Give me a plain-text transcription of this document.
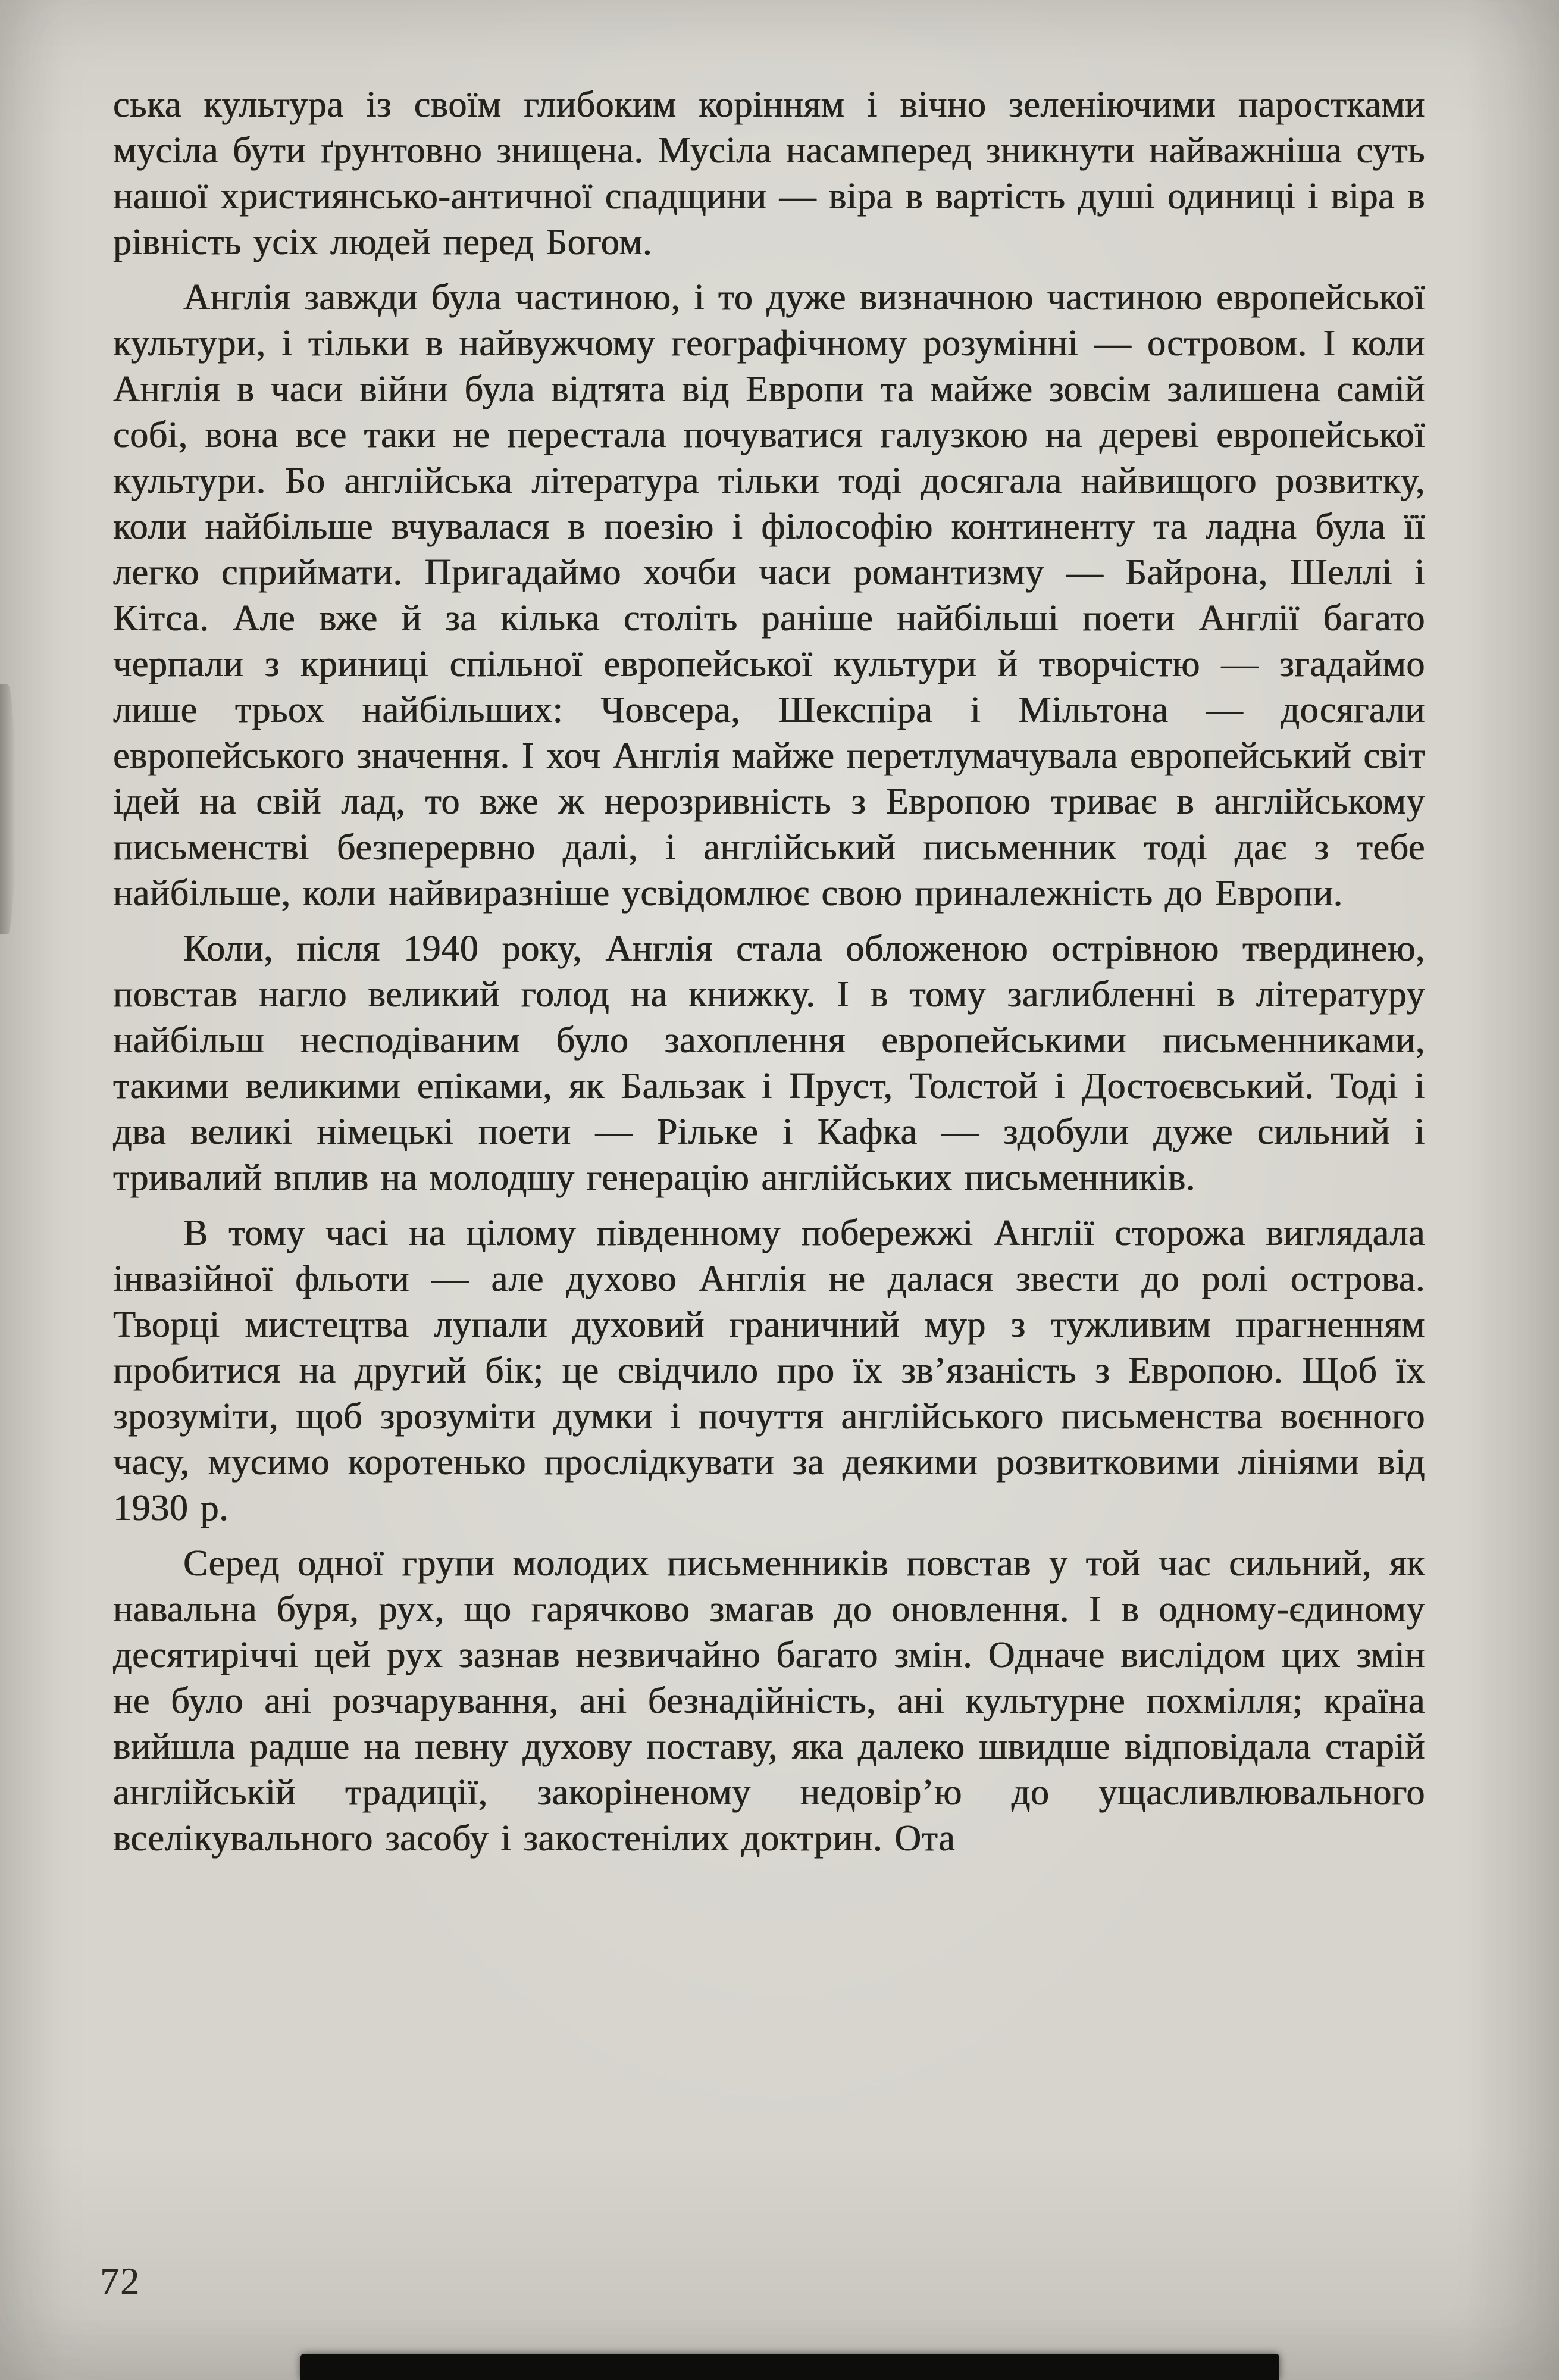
ська культура із своїм глибоким корінням і вічно зеленіючими паростками мусіла бути ґрунтовно знищена. Мусіла насамперед зникнути найважніша суть нашої християнсько-античної спадщини — віра в вартість душі одиниці і віра в рівність усіх людей перед Богом.

Англія завжди була частиною, і то дуже визначною частиною европейської культури, і тільки в найвужчому географічному розумінні — островом. І коли Англія в часи війни була відтята від Европи та майже зовсім залишена самій собі, вона все таки не перестала почуватися галузкою на дереві европейської культури. Бо англійська література тільки тоді досягала найвищого розвитку, коли найбільше вчувалася в поезію і філософію континенту та ладна була її легко сприймати. Пригадаймо хочби часи романтизму — Байрона, Шеллі і Кітса. Але вже й за кілька століть раніше найбільші поети Англії багато черпали з криниці спільної европейської культури й творчістю — згадаймо лише трьох найбільших: Човсера, Шекспіра і Мільтона — досягали европейського значення. І хоч Англія майже перетлумачувала европейський світ ідей на свій лад, то вже ж нерозривність з Европою триває в англійському письменстві безперервно далі, і англійський письменник тоді дає з тебе найбільше, коли найвиразніше усвідомлює свою приналежність до Европи.

Коли, після 1940 року, Англія стала обложеною острівною твердинею, повстав нагло великий голод на книжку. І в тому заглибленні в літературу найбільш несподіваним було захоплення европейськими письменниками, такими великими епіками, як Бальзак і Пруст, Толстой і Достоєвський. Тоді і два великі німецькі поети — Рільке і Кафка — здобули дуже сильний і тривалий вплив на молодшу генерацію англійських письменників.

В тому часі на цілому південному побережжі Англії сторожа виглядала інвазійної фльоти — але духово Англія не далася звести до ролі острова. Творці мистецтва лупали духовий граничний мур з тужливим прагненням пробитися на другий бік; це свідчило про їх зв’язаність з Европою. Щоб їх зрозуміти, щоб зрозуміти думки і почуття англійського письменства воєнного часу, мусимо коротенько прослідкувати за деякими розвитковими лініями від 1930 р.

Серед одної групи молодих письменників повстав у той час сильний, як навальна буря, рух, що гарячково змагав до оновлення. І в одному-єдиному десятиріччі цей рух зазнав незвичайно багато змін. Одначе вислідом цих змін не було ані розчарування, ані безнадійність, ані культурне похмілля; країна вийшла радше на певну духову поставу, яка далеко швидше відповідала старій англійській традиції, закоріненому недовір’ю до ущасливлювального вселікувального засобу і закостенілих доктрин. Ота

72
